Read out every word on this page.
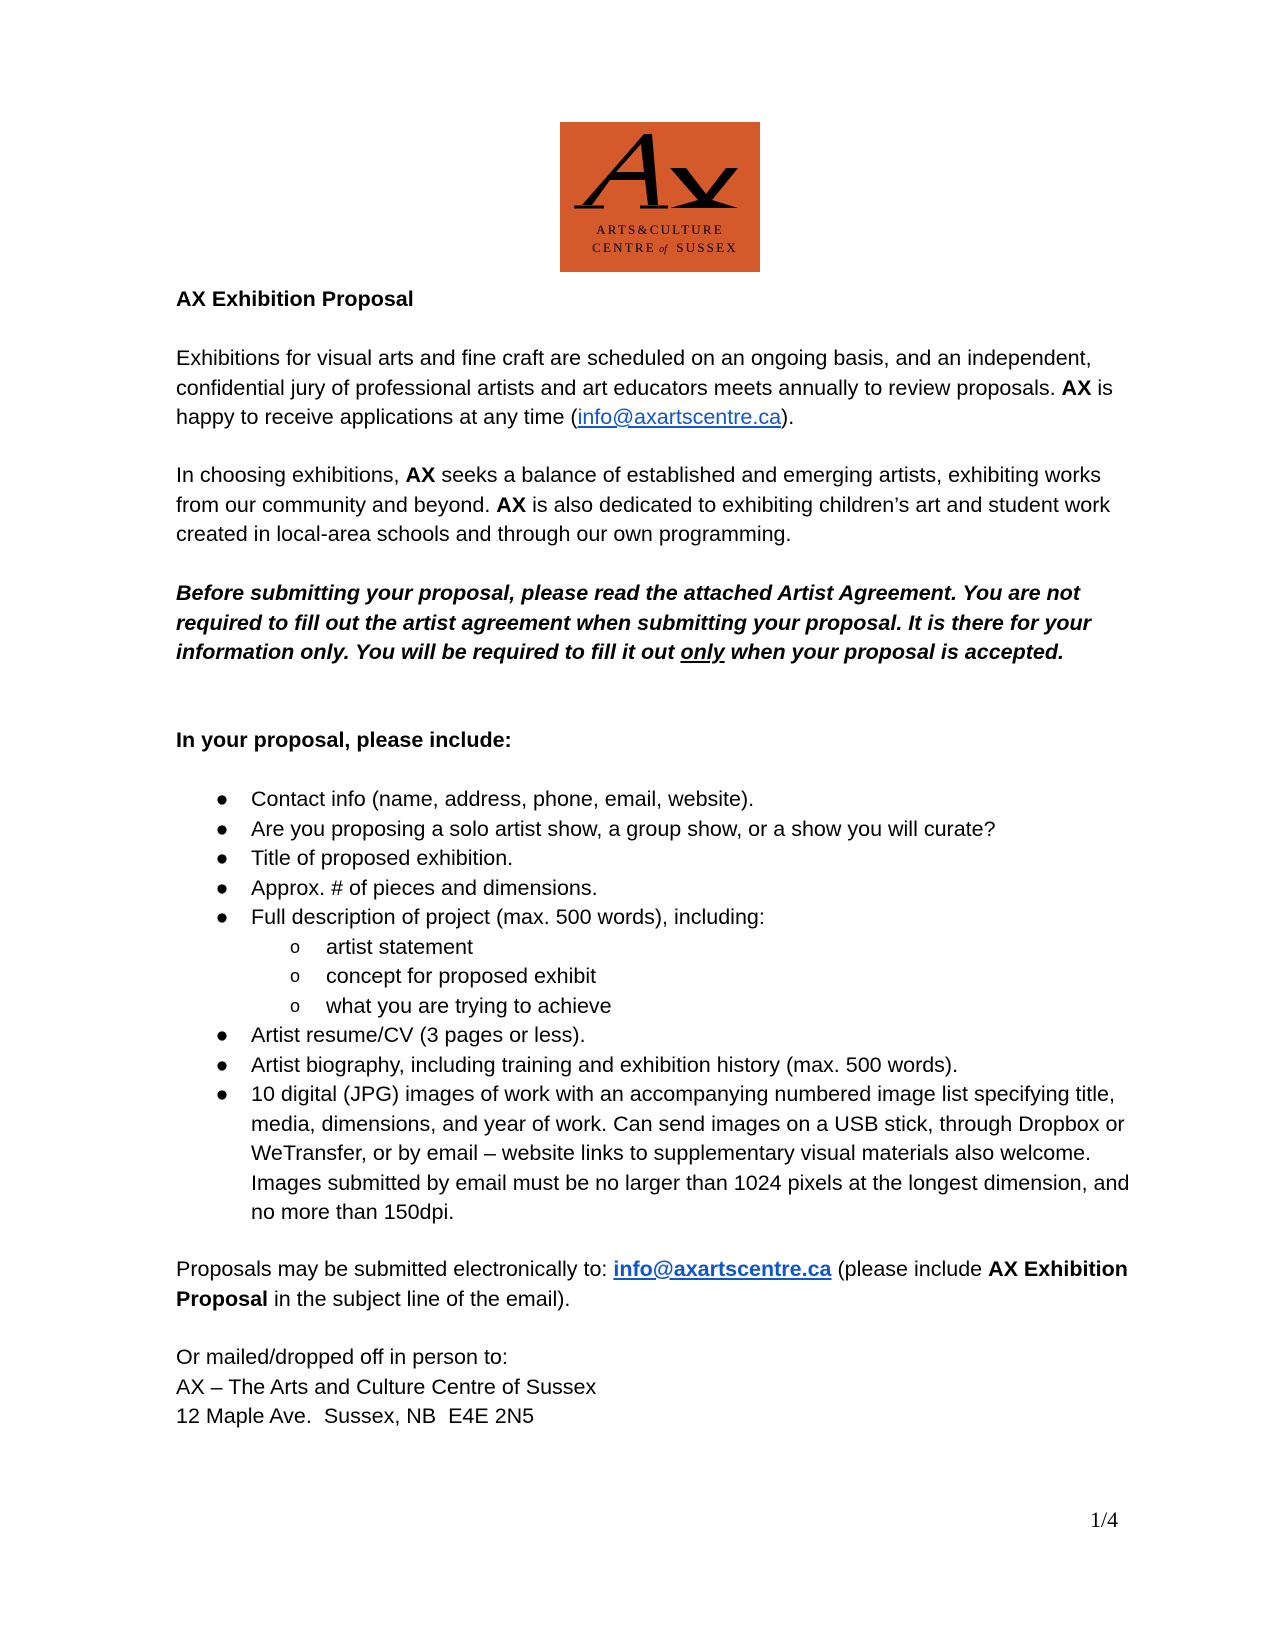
ARTS&CULTURE
CENTRE of SUSSEX

AX Exhibition Proposal

Exhibitions for visual arts and fine craft are scheduled on an ongoing basis, and an independent, confidential jury of professional artists and art educators meets annually to review proposals. AX is happy to receive applications at any time (info@axartscentre.ca).

In choosing exhibitions, AX seeks a balance of established and emerging artists, exhibiting works from our community and beyond. AX is also dedicated to exhibiting children’s art and student work created in local-area schools and through our own programming.

Before submitting your proposal, please read the attached Artist Agreement. You are not required to fill out the artist agreement when submitting your proposal. It is there for your information only. You will be required to fill it out only when your proposal is accepted.

In your proposal, please include:

● Contact info (name, address, phone, email, website).
● Are you proposing a solo artist show, a group show, or a show you will curate?
● Title of proposed exhibition.
● Approx. # of pieces and dimensions.
● Full description of project (max. 500 words), including:
o artist statement
o concept for proposed exhibit
o what you are trying to achieve
● Artist resume/CV (3 pages or less).
● Artist biography, including training and exhibition history (max. 500 words).
● 10 digital (JPG) images of work with an accompanying numbered image list specifying title, media, dimensions, and year of work. Can send images on a USB stick, through Dropbox or WeTransfer, or by email – website links to supplementary visual materials also welcome. Images submitted by email must be no larger than 1024 pixels at the longest dimension, and no more than 150dpi.

Proposals may be submitted electronically to: info@axartscentre.ca (please include AX Exhibition Proposal in the subject line of the email).

Or mailed/dropped off in person to:

AX – The Arts and Culture Centre of Sussex

12 Maple Ave.  Sussex, NB  E4E 2N5

1/4
